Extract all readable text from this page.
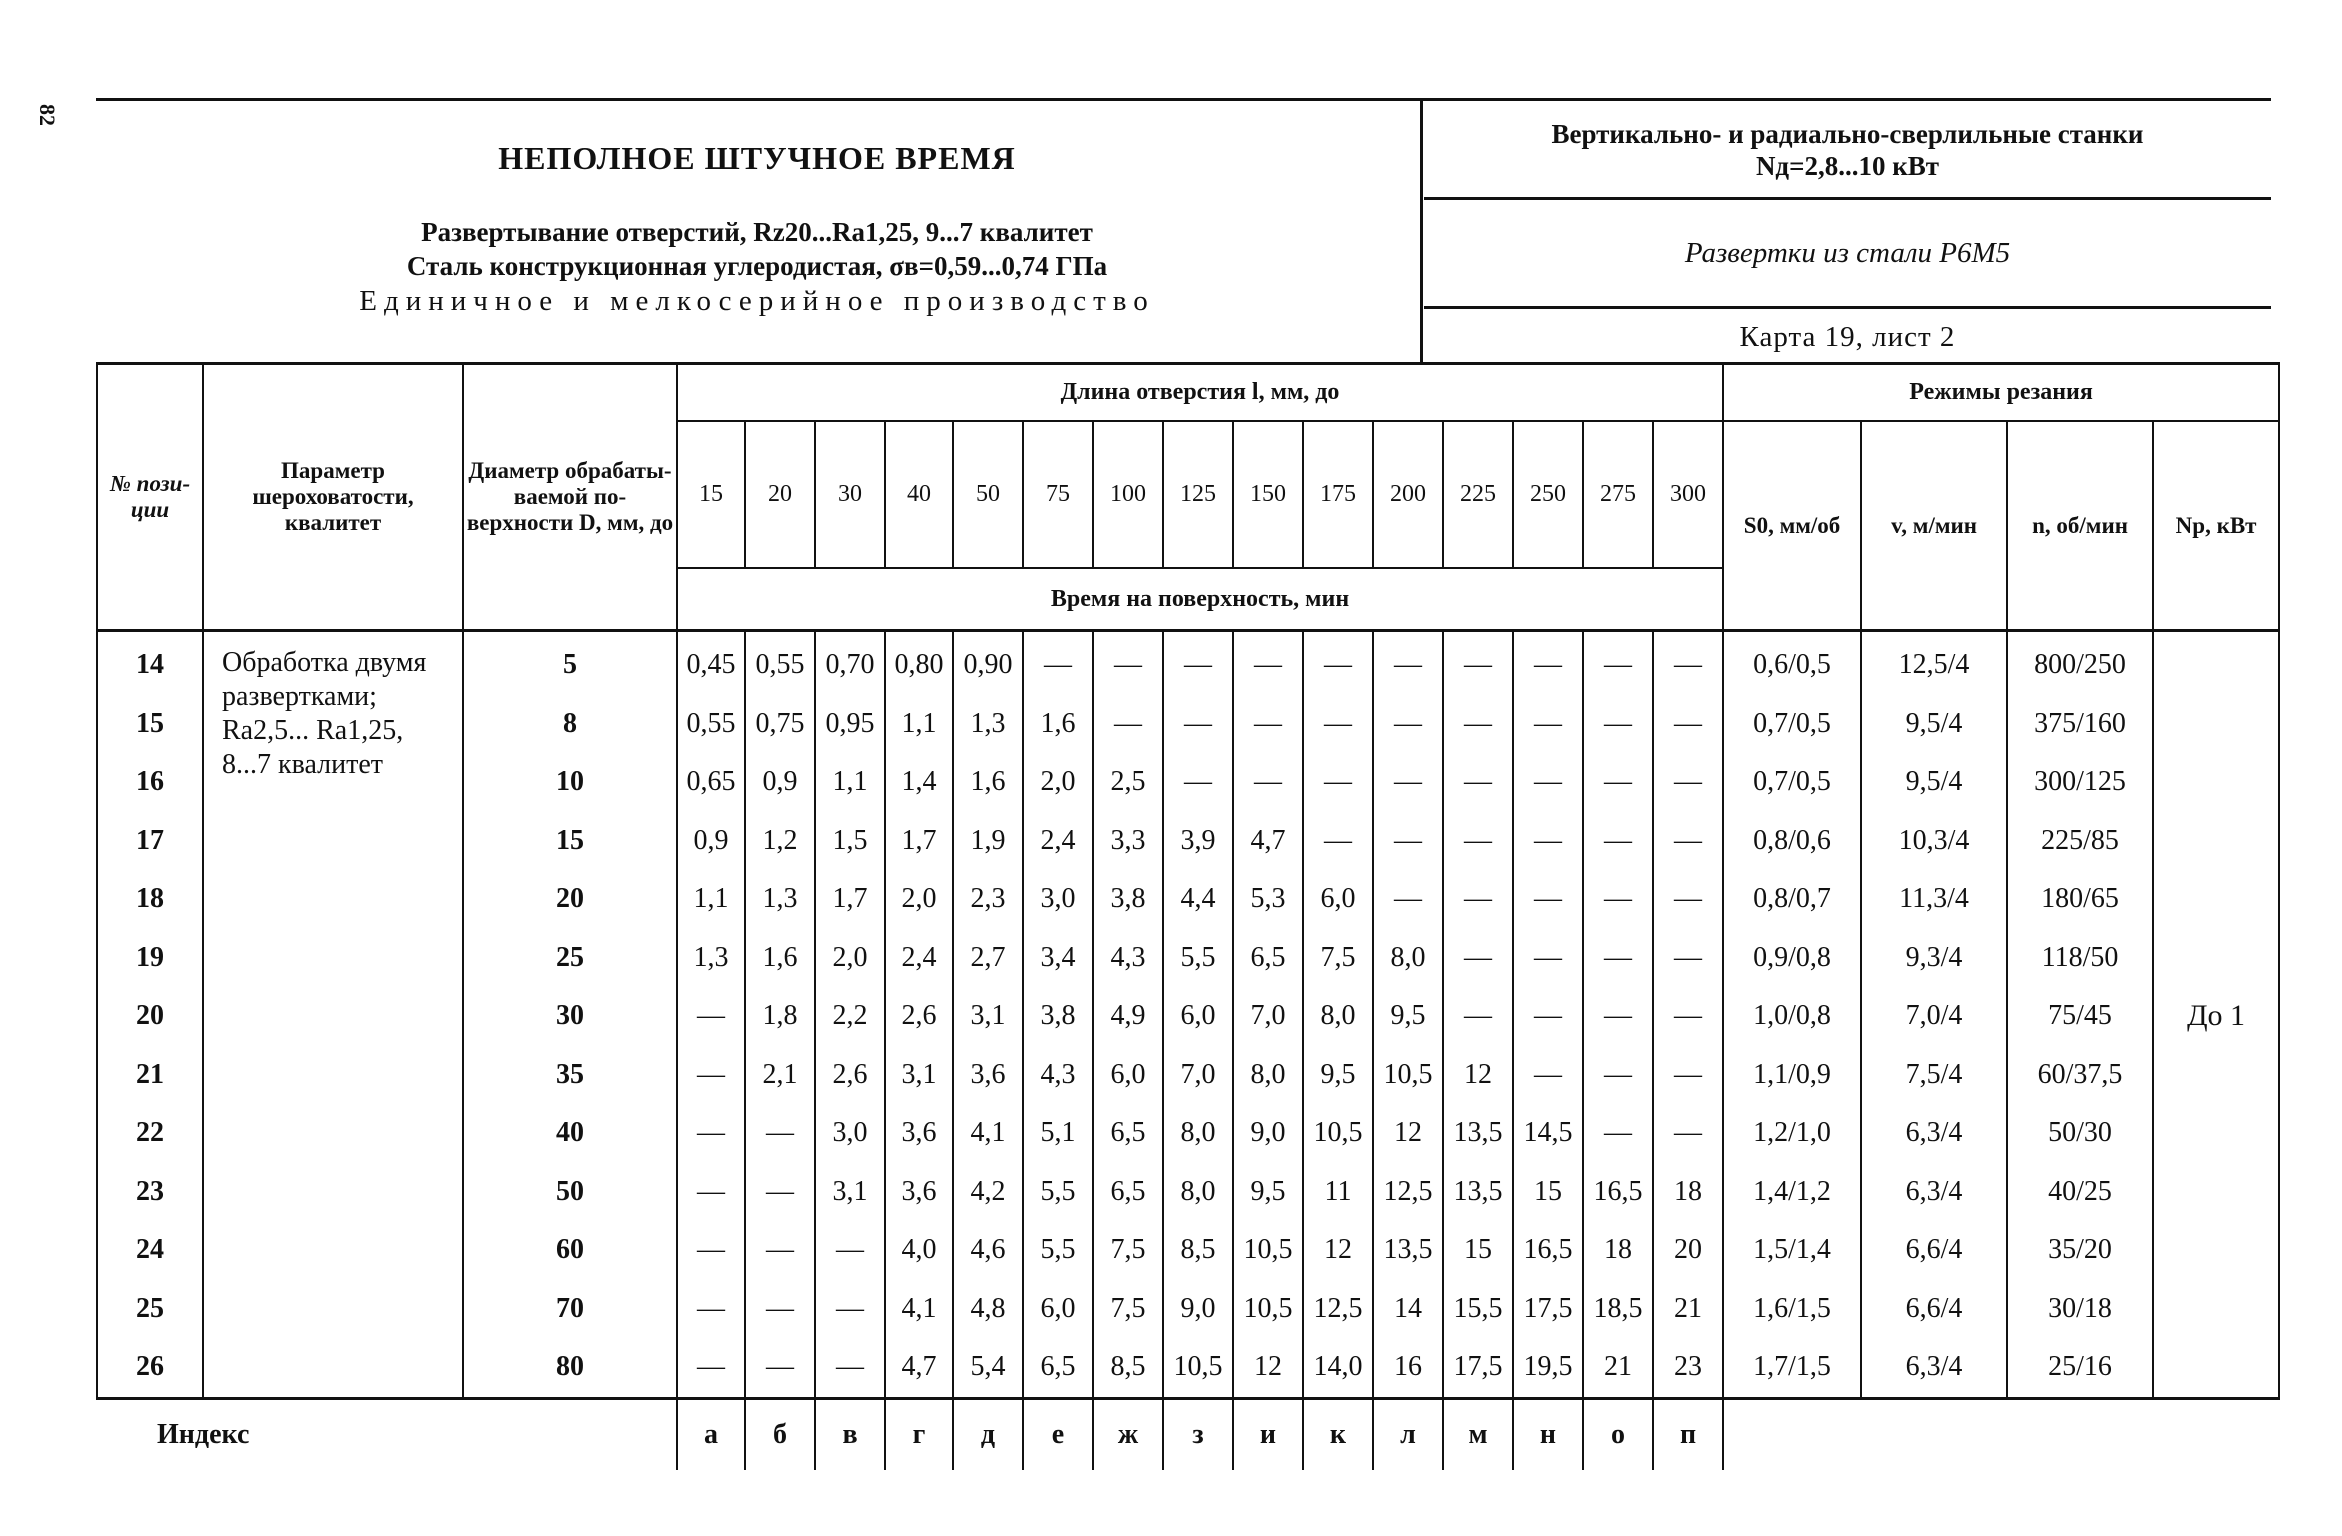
82
НЕПОЛНОЕ ШТУЧНОЕ ВРЕМЯ
Развертывание отверстий, Rz20...Ra1,25, 9...7 квалитет
Сталь конструкционная углеродистая, σв=0,59...0,74 ГПа
Единичное и мелкосерийное производство
Вертикально- и радиально-сверлильные станки
Nд=2,8...10 кВт
Развертки из стали Р6М5
Карта 19, лист 2
№ пози-ции	Параметр шероховатости, квалитет	Диаметр обрабаты-ваемой по-верхности D, мм, до	Длина отверстия l, мм, до															Режимы резания			
			15	20	30	40	50	75	100	125	150	175	200	225	250	275	300	S0, мм/об	v, м/мин	n, об/мин	Nр, кВт
			Время на поверхность, мин																		
14	Обработка двумя развертками; Ra2,5... Ra1,25, 8...7 квалитет	5	0,45	0,55	0,70	0,80	0,90	—	—	—	—	—	—	—	—	—	—	0,6/0,5	12,5/4	800/250	До 1
15		8	0,55	0,75	0,95	1,1	1,3	1,6	—	—	—	—	—	—	—	—	—	0,7/0,5	9,5/4	375/160	
16		10	0,65	0,9	1,1	1,4	1,6	2,0	2,5	—	—	—	—	—	—	—	—	0,7/0,5	9,5/4	300/125	
17		15	0,9	1,2	1,5	1,7	1,9	2,4	3,3	3,9	4,7	—	—	—	—	—	—	0,8/0,6	10,3/4	225/85	
18		20	1,1	1,3	1,7	2,0	2,3	3,0	3,8	4,4	5,3	6,0	—	—	—	—	—	0,8/0,7	11,3/4	180/65	
19		25	1,3	1,6	2,0	2,4	2,7	3,4	4,3	5,5	6,5	7,5	8,0	—	—	—	—	0,9/0,8	9,3/4	118/50	
20		30	—	1,8	2,2	2,6	3,1	3,8	4,9	6,0	7,0	8,0	9,5	—	—	—	—	1,0/0,8	7,0/4	75/45	
21		35	—	2,1	2,6	3,1	3,6	4,3	6,0	7,0	8,0	9,5	10,5	12	—	—	—	1,1/0,9	7,5/4	60/37,5	
22		40	—	—	3,0	3,6	4,1	5,1	6,5	8,0	9,0	10,5	12	13,5	14,5	—	—	1,2/1,0	6,3/4	50/30	
23		50	—	—	3,1	3,6	4,2	5,5	6,5	8,0	9,5	11	12,5	13,5	15	16,5	18	1,4/1,2	6,3/4	40/25	
24		60	—	—	—	4,0	4,6	5,5	7,5	8,5	10,5	12	13,5	15	16,5	18	20	1,5/1,4	6,6/4	35/20	
25		70	—	—	—	4,1	4,8	6,0	7,5	9,0	10,5	12,5	14	15,5	17,5	18,5	21	1,6/1,5	6,6/4	30/18	
26		80	—	—	—	4,7	5,4	6,5	8,5	10,5	12	14,0	16	17,5	19,5	21	23	1,7/1,5	6,3/4	25/16	
Индекс			а	б	в	г	д	е	ж	з	и	к	л	м	н	о	п				
